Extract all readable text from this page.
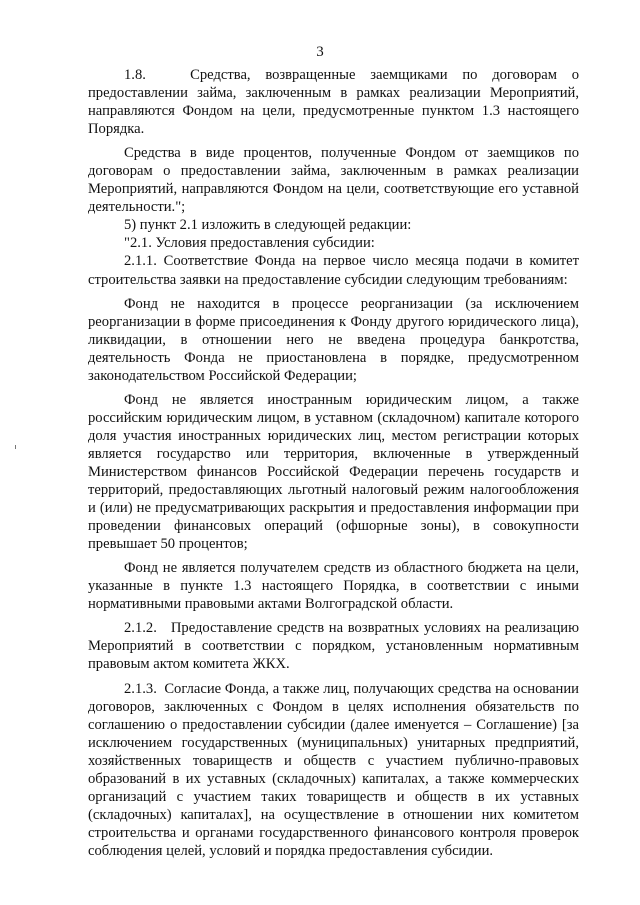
3

1.8.   Средства, возвращенные заемщиками по договорам о предоставлении займа, заключенным в рамках реализации Мероприятий, направляются Фондом на цели, предусмотренные пунктом 1.3 настоящего Порядка.

Средства в виде процентов, полученные Фондом от заемщиков по договорам о предоставлении займа, заключенным в рамках реализации Мероприятий, направляются Фондом на цели, соответствующие его уставной деятельности.";

5) пункт 2.1 изложить в следующей редакции:

"2.1. Условия предоставления субсидии:

2.1.1. Соответствие Фонда на первое число месяца подачи в комитет строительства заявки на предоставление субсидии следующим требованиям:

Фонд не находится в процессе реорганизации (за исключением реорганизации в форме присоединения к Фонду другого юридического лица), ликвидации, в отношении него не введена процедура банкротства, деятельность Фонда не приостановлена в порядке, предусмотренном законодательством Российской Федерации;

Фонд не является иностранным юридическим лицом, а также российским юридическим лицом, в уставном (складочном) капитале которого доля участия иностранных юридических лиц, местом регистрации которых является государство или территория, включенные в утвержденный Министерством финансов Российской Федерации перечень государств и территорий, предоставляющих льготный налоговый режим налогообложения и (или) не предусматривающих раскрытия и предоставления информации при проведении финансовых операций (офшорные зоны), в совокупности превышает 50 процентов;

Фонд не является получателем средств из областного бюджета на цели, указанные в пункте 1.3 настоящего Порядка, в соответствии с иными нормативными правовыми актами Волгоградской области.

2.1.2.   Предоставление средств на возвратных условиях на реализацию Мероприятий в соответствии с порядком, установленным нормативным правовым актом комитета ЖКХ.

2.1.3.  Согласие Фонда, а также лиц, получающих средства на основании договоров, заключенных с Фондом в целях исполнения обязательств по соглашению о предоставлении субсидии (далее именуется – Соглашение) [за исключением государственных (муниципальных) унитарных предприятий, хозяйственных товариществ и обществ с участием публично-правовых образований в их уставных (складочных) капиталах, а также коммерческих организаций с участием таких товариществ и обществ в их уставных (складочных) капиталах], на осуществление в отношении них комитетом строительства и органами государственного финансового контроля проверок соблюдения целей, условий и порядка предоставления субсидии.
